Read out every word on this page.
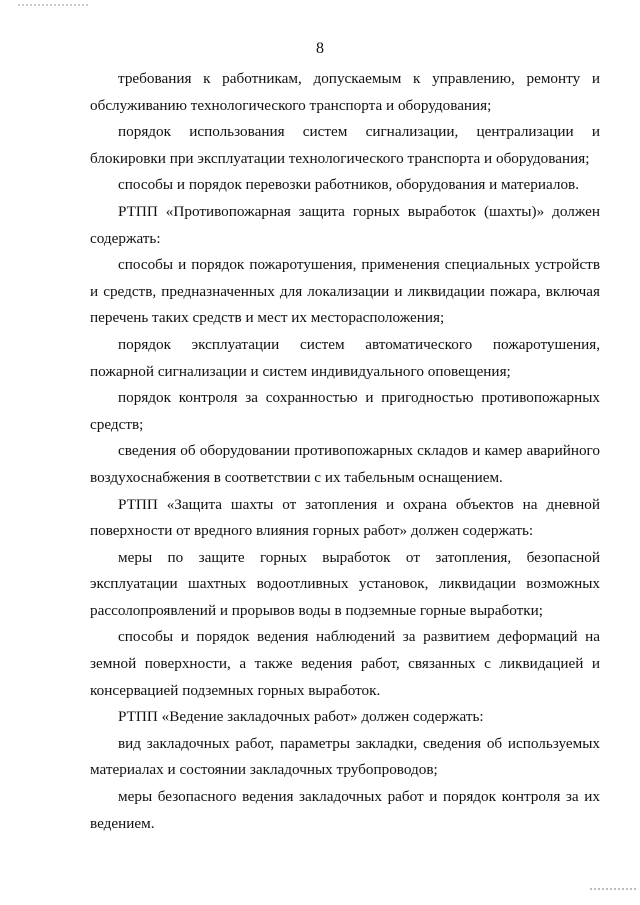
8

требования к работникам, допускаемым к управлению, ремонту и обслуживанию технологического транспорта и оборудования;

порядок использования систем сигнализации, централизации и блокировки при эксплуатации технологического транспорта и оборудования;

способы и порядок перевозки работников, оборудования и материалов.

РТПП «Противопожарная защита горных выработок (шахты)» должен содержать:

способы и порядок пожаротушения, применения специальных устройств и средств, предназначенных для локализации и ликвидации пожара, включая перечень таких средств и мест их месторасположения;

порядок эксплуатации систем автоматического пожаротушения, пожарной сигнализации и систем индивидуального оповещения;

порядок контроля за сохранностью и пригодностью противопожарных средств;

сведения об оборудовании противопожарных складов и камер аварийного воздухоснабжения в соответствии с их табельным оснащением.

РТПП «Защита шахты от затопления и охрана объектов на дневной поверхности от вредного влияния горных работ» должен содержать:

меры по защите горных выработок от затопления, безопасной эксплуатации шахтных водоотливных установок, ликвидации возможных рассолопроявлений и прорывов воды в подземные горные выработки;

способы и порядок ведения наблюдений за развитием деформаций на земной поверхности, а также ведения работ, связанных с ликвидацией и консервацией подземных горных выработок.

РТПП «Ведение закладочных работ» должен содержать:

вид закладочных работ, параметры закладки, сведения об используемых материалах и состоянии закладочных трубопроводов;

меры безопасного ведения закладочных работ и порядок контроля за их ведением.
